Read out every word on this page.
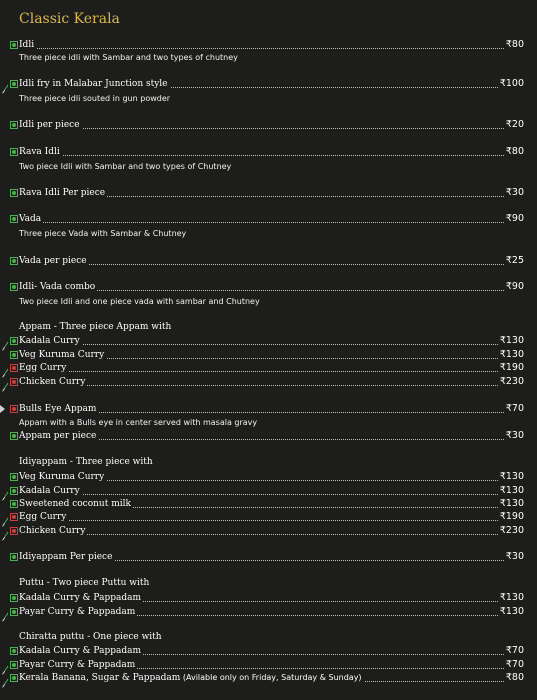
Classic Kerala
Idli	₹80
Three piece idli with Sambar and two types of chutney
Idli fry in Malabar Junction style	₹100
Three piece idli souted in gun powder
Idli per piece	₹20
Rava Idli	₹80
Two piece Idli with Sambar and two types of Chutney
Rava Idli Per piece	₹30
Vada	₹90
Three piece Vada with Sambar & Chutney
Vada per piece	₹25
Idli- Vada combo	₹90
Two piece Idli and one piece vada with sambar and Chutney
Appam - Three piece Appam with
Kadala Curry	₹130
Veg Kuruma Curry	₹130
Egg Curry	₹190
Chicken Curry	₹230
Bulls Eye Appam	₹70
Appam with a Bulls eye in center served with masala gravy
Appam per piece	₹30
Idiyappam - Three piece with
Veg Kuruma Curry	₹130
Kadala Curry	₹130
Sweetened coconut milk	₹130
Egg Curry	₹190
Chicken Curry	₹230
Idiyappam Per piece	₹30
Puttu - Two piece Puttu with
Kadala Curry & Pappadam	₹130
Payar Curry & Pappadam	₹130
Chiratta puttu - One piece with
Kadala Curry & Pappadam	₹70
Payar Curry & Pappadam	₹70
Kerala Banana, Sugar & Pappadam (Avilable only on Friday, Saturday & Sunday)	₹80
